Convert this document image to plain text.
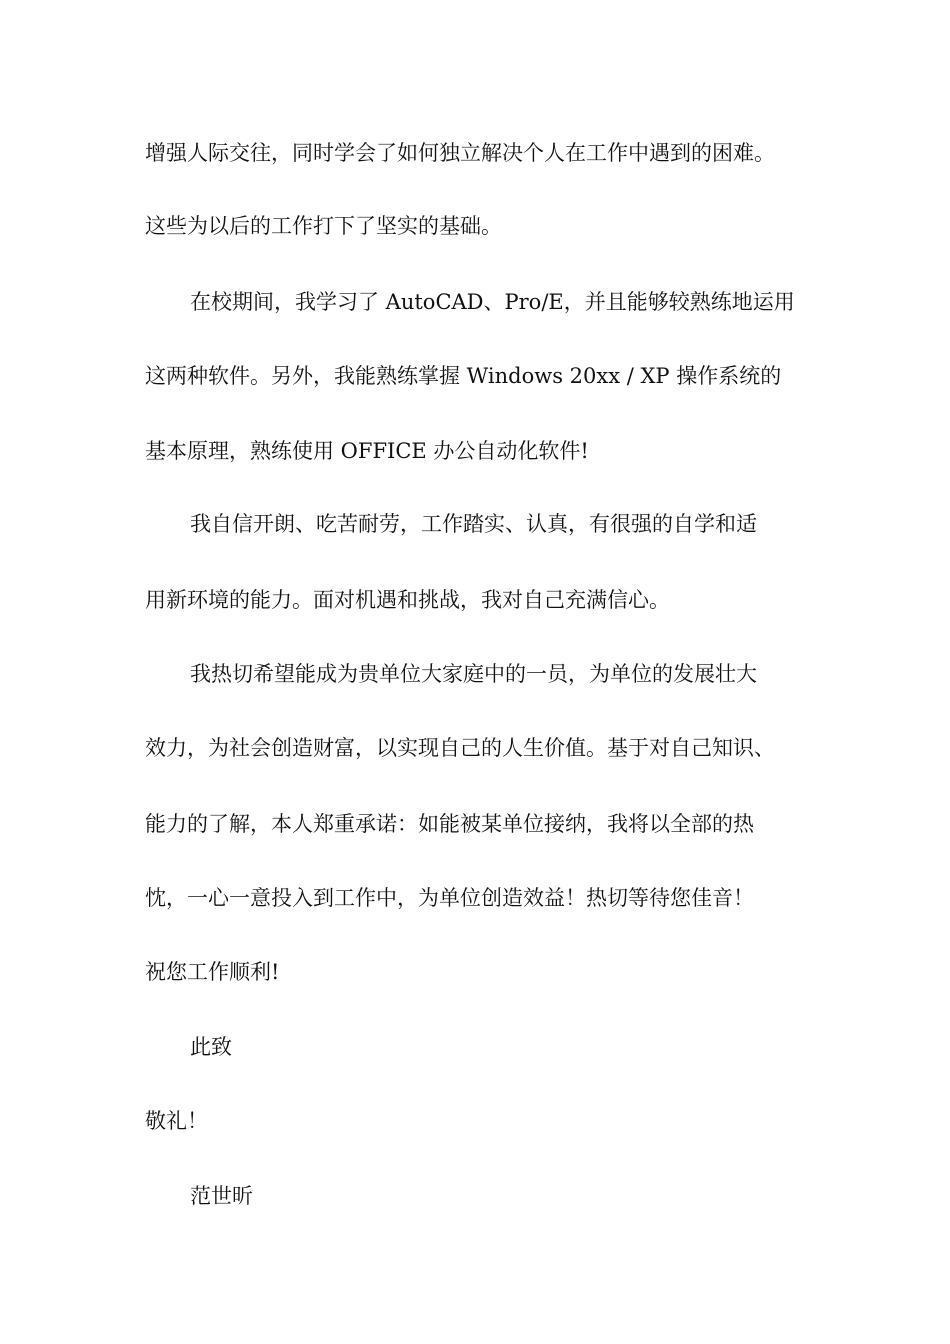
增强人际交往，同时学会了如何独立解决个人在工作中遇到的困难。
这些为以后的工作打下了坚实的基础。
在校期间，我学习了 AutoCAD、Pro/E，并且能够较熟练地运用
这两种软件。另外，我能熟练掌握 Windows 20xx / XP 操作系统的
基本原理，熟练使用 OFFICE 办公自动化软件!
我自信开朗、吃苦耐劳，工作踏实、认真，有很强的自学和适
用新环境的能力。面对机遇和挑战，我对自己充满信心。
我热切希望能成为贵单位大家庭中的一员，为单位的发展壮大
效力，为社会创造财富，以实现自己的人生价值。基于对自己知识、
能力的了解，本人郑重承诺：如能被某单位接纳，我将以全部的热
忱，一心一意投入到工作中，为单位创造效益！热切等待您佳音！
祝您工作顺利!
此致
敬礼！
范世昕
